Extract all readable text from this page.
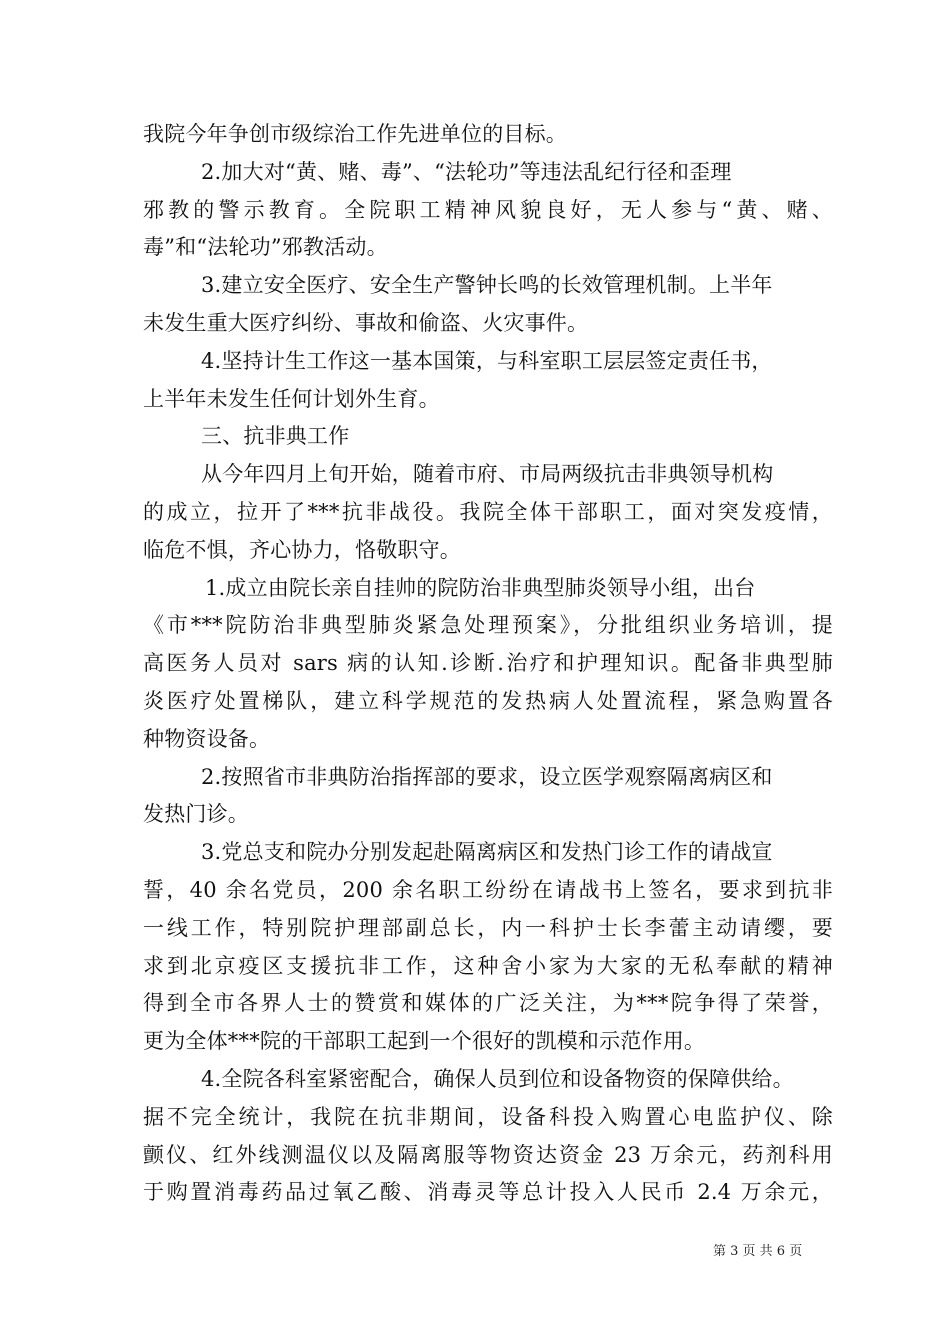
我院今年争创市级综治工作先进单位的目标。
2.加大对“黄、赌、毒”、“法轮功”等违法乱纪行径和歪理
邪教的警示教育。全院职工精神风貌良好，无人参与“黄、赌、
毒”和“法轮功”邪教活动。
3.建立安全医疗、安全生产警钟长鸣的长效管理机制。上半年
未发生重大医疗纠纷、事故和偷盗、火灾事件。
4.坚持计生工作这一基本国策，与科室职工层层签定责任书，
上半年未发生任何计划外生育。
三、抗非典工作
从今年四月上旬开始，随着市府、市局两级抗击非典领导机构
的成立，拉开了***抗非战役。我院全体干部职工，面对突发疫情，
临危不惧，齐心协力，恪敬职守。
1.成立由院长亲自挂帅的院防治非典型肺炎领导小组，出台
《市***院防治非典型肺炎紧急处理预案》，分批组织业务培训，提
高医务人员对 sars 病的认知.诊断.治疗和护理知识。配备非典型肺
炎医疗处置梯队，建立科学规范的发热病人处置流程，紧急购置各
种物资设备。
2.按照省市非典防治指挥部的要求，设立医学观察隔离病区和
发热门诊。
3.党总支和院办分别发起赴隔离病区和发热门诊工作的请战宣
誓，40 余名党员，200 余名职工纷纷在请战书上签名，要求到抗非
一线工作，特别院护理部副总长，内一科护士长李蕾主动请缨，要
求到北京疫区支援抗非工作，这种舍小家为大家的无私奉献的精神
得到全市各界人士的赞赏和媒体的广泛关注，为***院争得了荣誉，
更为全体***院的干部职工起到一个很好的凯模和示范作用。
4.全院各科室紧密配合，确保人员到位和设备物资的保障供给。
据不完全统计，我院在抗非期间，设备科投入购置心电监护仪、除
颤仪、红外线测温仪以及隔离服等物资达资金 23 万余元，药剂科用
于购置消毒药品过氧乙酸、消毒灵等总计投入人民币 2.4 万余元，
第 3 页 共 6 页
